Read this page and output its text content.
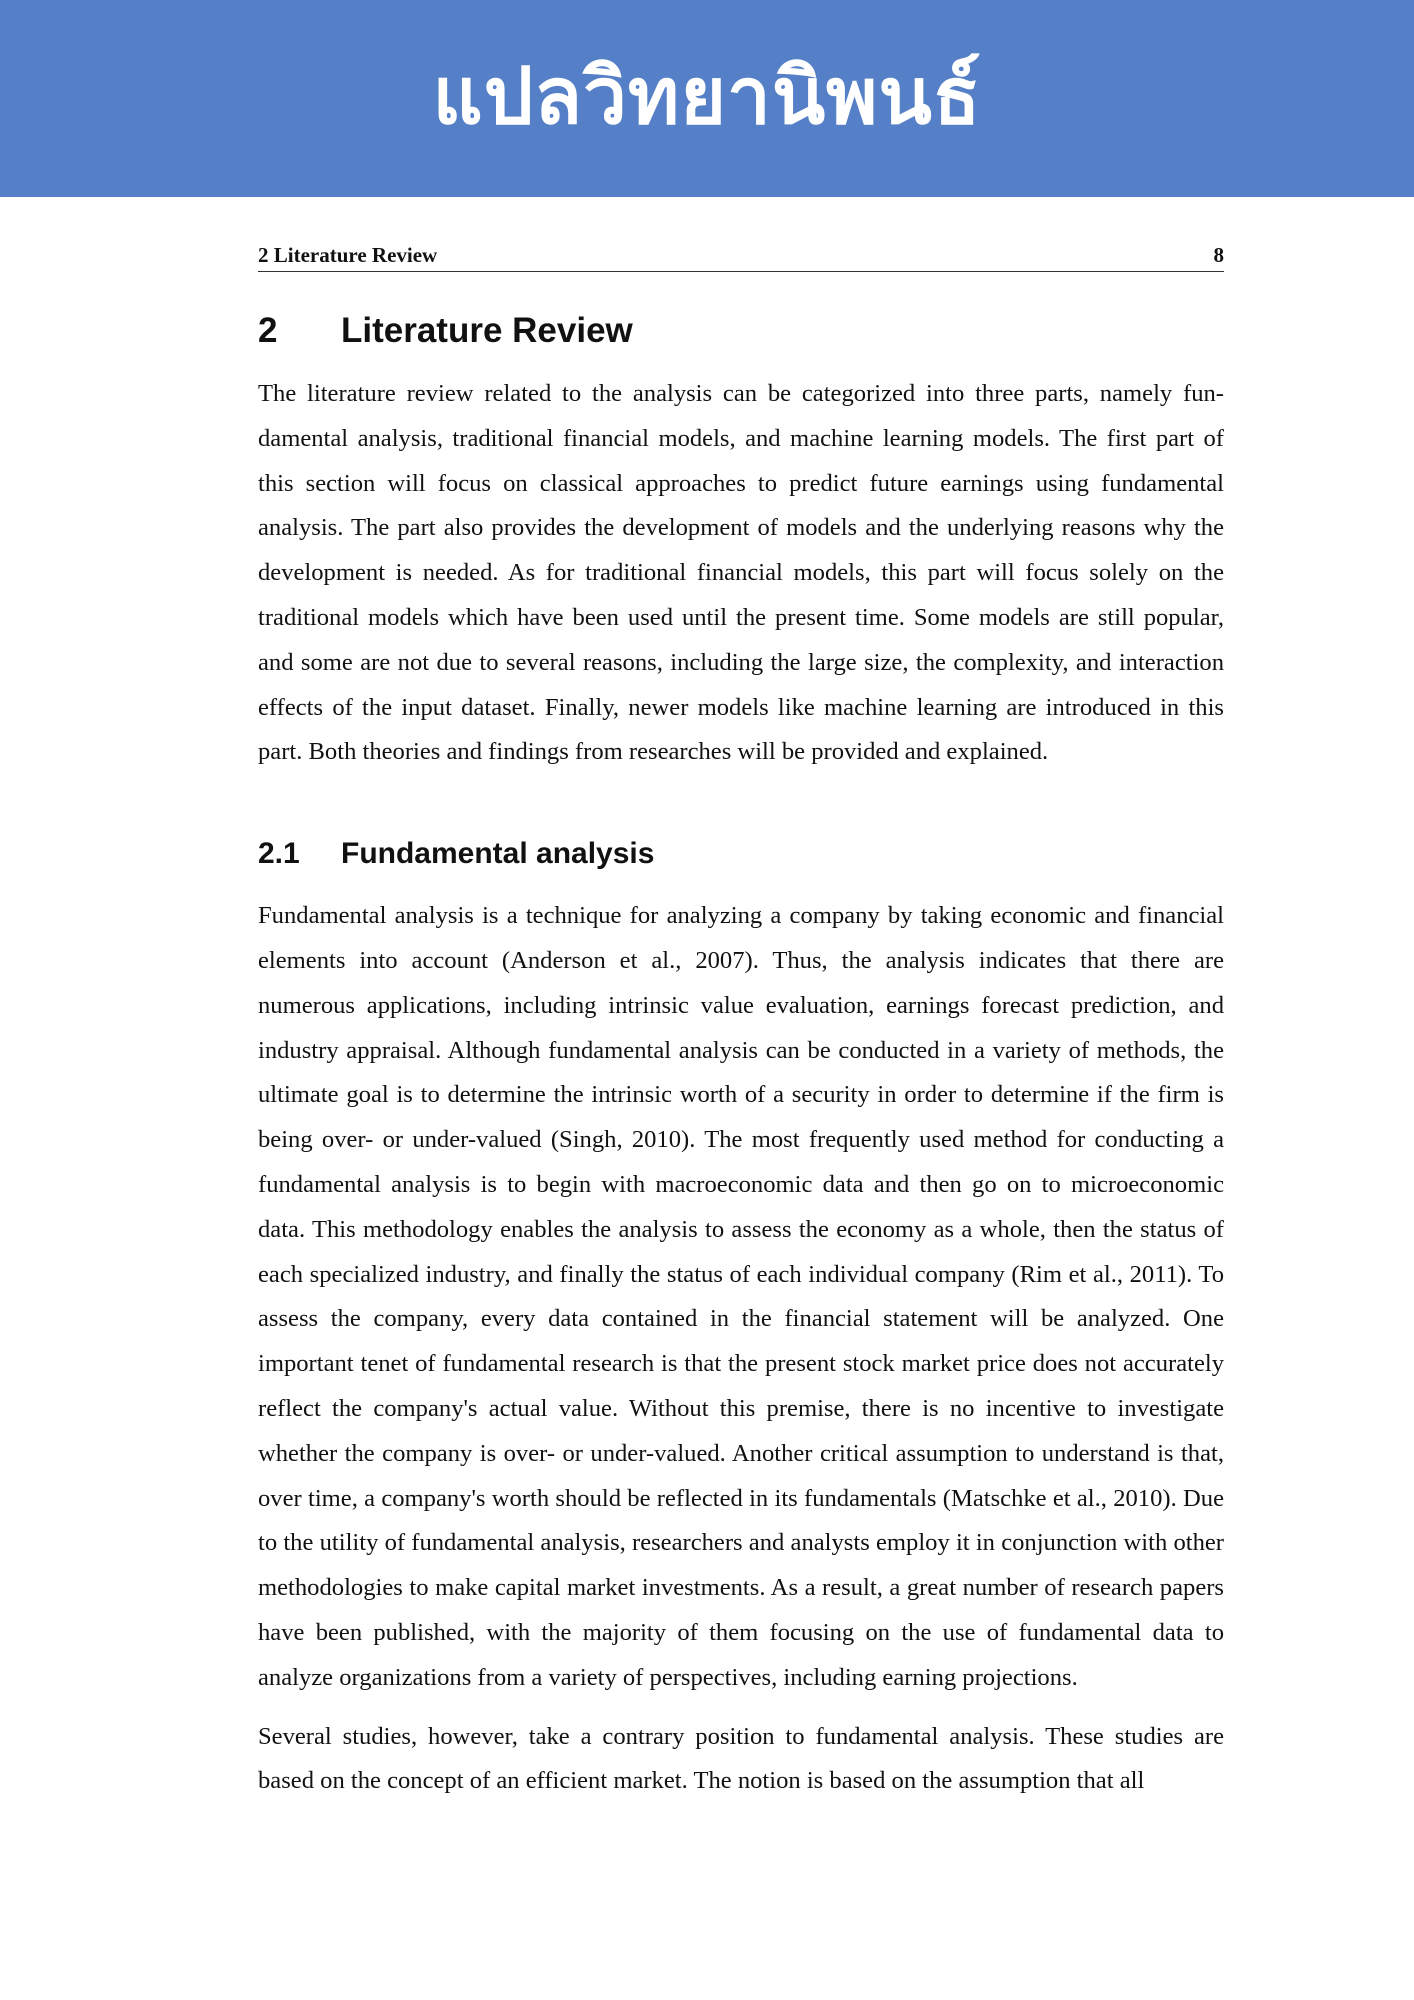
แปลวิทยานิพนธ์
2 Literature Review	8
2	Literature Review

The literature review related to the analysis can be categorized into three parts, namely fundamental analysis, traditional financial models, and machine learning models. The first part of this section will focus on classical approaches to predict future earnings using fundamental analysis. The part also provides the development of models and the underlying reasons why the development is needed. As for traditional financial models, this part will focus solely on the traditional models which have been used until the present time. Some models are still popular, and some are not due to several reasons, including the large size, the complexity, and interaction effects of the input dataset. Finally, newer models like machine learning are introduced in this part. Both theories and findings from researches will be provided and explained.

2.1	Fundamental analysis

Fundamental analysis is a technique for analyzing a company by taking economic and financial elements into account (Anderson et al., 2007). Thus, the analysis indicates that there are numerous applications, including intrinsic value evaluation, earnings forecast prediction, and industry appraisal. Although fundamental analysis can be conducted in a variety of methods, the ultimate goal is to determine the intrinsic worth of a security in order to determine if the firm is being over- or under-valued (Singh, 2010). The most frequently used method for conducting a fundamental analysis is to begin with macroeconomic data and then go on to microeconomic data. This methodology enables the analysis to assess the economy as a whole, then the status of each specialized industry, and finally the status of each individual company (Rim et al., 2011). To assess the company, every data contained in the financial statement will be analyzed. One important tenet of fundamental research is that the present stock market price does not accurately reflect the company's actual value. Without this premise, there is no incentive to investigate whether the company is over- or under-valued. Another critical assumption to understand is that, over time, a company's worth should be reflected in its fundamentals (Matschke et al., 2010). Due to the utility of fundamental analysis, researchers and analysts employ it in conjunction with other methodologies to make capital market investments. As a result, a great number of research papers have been published, with the majority of them focusing on the use of fundamental data to analyze organizations from a variety of perspectives, including earning projections.

Several studies, however, take a contrary position to fundamental analysis. These studies are based on the concept of an efficient market. The notion is based on the assumption that all
